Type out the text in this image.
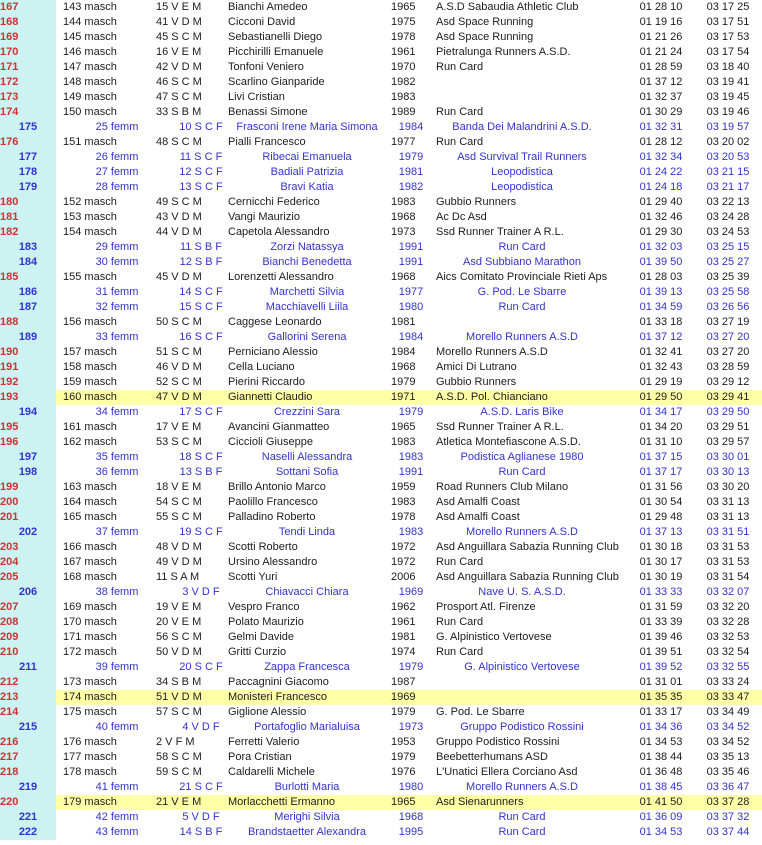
167	143 masch	15 V E M	Bianchi Amedeo	1965	A.S.D Sabaudia Athletic Club	01 28 10	03 17 25
168	144 masch	41 V D M	Cicconi David	1975	Asd Space Running	01 19 16	03 17 51
169	145 masch	45 S C M	Sebastianelli Diego	1978	Asd Space Running	01 21 26	03 17 53
170	146 masch	16 V E M	Picchirilli Emanuele	1961	Pietralunga Runners A.S.D.	01 21 24	03 17 54
171	147 masch	42 V D M	Tonfoni Veniero	1970	Run Card	01 28 59	03 18 40
172	148 masch	46 S C M	Scarlino Gianparide	1982		01 37 12	03 19 41
173	149 masch	47 S C M	Livi Cristian	1983		01 32 37	03 19 45
174	150 masch	33 S B M	Benassi Simone	1989	Run Card	01 30 29	03 19 46
175	25 femm	10 S C F	Frasconi Irene Maria Simona	1984	Banda Dei Malandrini A.S.D.	01 32 31	03 19 57
176	151 masch	48 S C M	Pialli Francesco	1977	Run Card	01 28 12	03 20 02
177	26 femm	11 S C F	Ribecai Emanuela	1979	Asd Survival Trail Runners	01 32 34	03 20 53
178	27 femm	12 S C F	Badiali Patrizia	1981	Leopodistica	01 24 22	03 21 15
179	28 femm	13 S C F	Bravi Katia	1982	Leopodistica	01 24 18	03 21 17
180	152 masch	49 S C M	Cernicchi Federico	1983	Gubbio Runners	01 29 40	03 22 13
181	153 masch	43 V D M	Vangi Maurizio	1968	Ac Dc Asd	01 32 46	03 24 28
182	154 masch	44 V D M	Capetola Alessandro	1973	Ssd Runner Trainer A R.L.	01 29 30	03 24 53
183	29 femm	11 S B F	Zorzi Natassya	1991	Run Card	01 32 03	03 25 15
184	30 femm	12 S B F	Bianchi Benedetta	1991	Asd Subbiano Marathon	01 39 50	03 25 27
185	155 masch	45 V D M	Lorenzetti Alessandro	1968	Aics Comitato Provinciale Rieti Aps	01 28 03	03 25 39
186	31 femm	14 S C F	Marchetti Silvia	1977	G. Pod. Le Sbarre	01 39 13	03 25 58
187	32 femm	15 S C F	Macchiavelli Liila	1980	Run Card	01 34 59	03 26 56
188	156 masch	50 S C M	Caggese Leonardo	1981		01 33 18	03 27 19
189	33 femm	16 S C F	Gallorini Serena	1984	Morello Runners A.S.D	01 37 12	03 27 20
190	157 masch	51 S C M	Perniciano Alessio	1984	Morello Runners A.S.D	01 32 41	03 27 20
191	158 masch	46 V D M	Cella Luciano	1968	Amici Di Lutrano	01 32 43	03 28 59
192	159 masch	52 S C M	Pierini Riccardo	1979	Gubbio Runners	01 29 19	03 29 12
193	160 masch	47 V D M	Giannetti Claudio	1971	A.S.D. Pol. Chianciano	01 29 50	03 29 41
194	34 femm	17 S C F	Crezzini Sara	1979	A.S.D. Laris Bike	01 34 17	03 29 50
195	161 masch	17 V E M	Avancini Gianmatteo	1965	Ssd Runner Trainer A R.L.	01 34 20	03 29 51
196	162 masch	53 S C M	Ciccioli Giuseppe	1983	Atletica Montefiascone A.S.D.	01 31 10	03 29 57
197	35 femm	18 S C F	Naselli Alessandra	1983	Podistica Aglianese 1980	01 37 15	03 30 01
198	36 femm	13 S B F	Sottani Sofia	1991	Run Card	01 37 17	03 30 13
199	163 masch	18 V E M	Brillo Antonio Marco	1959	Road Runners Club Milano	01 31 56	03 30 20
200	164 masch	54 S C M	Paolillo Francesco	1983	Asd Amalfi Coast	01 30 54	03 31 13
201	165 masch	55 S C M	Palladino Roberto	1978	Asd Amalfi Coast	01 29 48	03 31 13
202	37 femm	19 S C F	Tendi Linda	1983	Morello Runners A.S.D	01 37 13	03 31 51
203	166 masch	48 V D M	Scotti Roberto	1972	Asd Anguillara Sabazia Running Club	01 30 18	03 31 53
204	167 masch	49 V D M	Ursino Alessandro	1972	Run Card	01 30 17	03 31 53
205	168 masch	11 S A M	Scotti Yuri	2006	Asd Anguillara Sabazia Running Club	01 30 19	03 31 54
206	38 femm	3 V D F	Chiavacci Chiara	1969	Nave U. S. A.S.D.	01 33 33	03 32 07
207	169 masch	19 V E M	Vespro Franco	1962	Prosport Atl. Firenze	01 31 59	03 32 20
208	170 masch	20 V E M	Polato Maurizio	1961	Run Card	01 33 39	03 32 28
209	171 masch	56 S C M	Gelmi Davide	1981	G. Alpinistico Vertovese	01 39 46	03 32 53
210	172 masch	50 V D M	Gritti Curzio	1974	Run Card	01 39 51	03 32 54
211	39 femm	20 S C F	Zappa Francesca	1979	G. Alpinistico Vertovese	01 39 52	03 32 55
212	173 masch	34 S B M	Paccagnini Giacomo	1987		01 31 01	03 33 24
213	174 masch	51 V D M	Monisteri Francesco	1969		01 35 35	03 33 47
214	175 masch	57 S C M	Giglione Alessio	1979	G. Pod. Le Sbarre	01 33 17	03 34 49
215	40 femm	4 V D F	Portafoglio Marialuisa	1973	Gruppo Podistico Rossini	01 34 36	03 34 52
216	176 masch	2 V F M	Ferretti Valerio	1953	Gruppo Podistico Rossini	01 34 53	03 34 52
217	177 masch	58 S C M	Pora Cristian	1979	Beebetterhumans ASD	01 38 44	03 35 13
218	178 masch	59 S C M	Caldarelli Michele	1976	L'Unatici Ellera Corciano Asd	01 36 48	03 35 46
219	41 femm	21 S C F	Burlotti Maria	1980	Morello Runners A.S.D	01 38 45	03 36 47
220	179 masch	21 V E M	Morlacchetti Ermanno	1965	Asd Sienarunners	01 41 50	03 37 28
221	42 femm	5 V D F	Merighi Silvia	1968	Run Card	01 36 09	03 37 32
222	43 femm	14 S B F	Brandstaetter Alexandra	1995	Run Card	01 34 53	03 37 44
